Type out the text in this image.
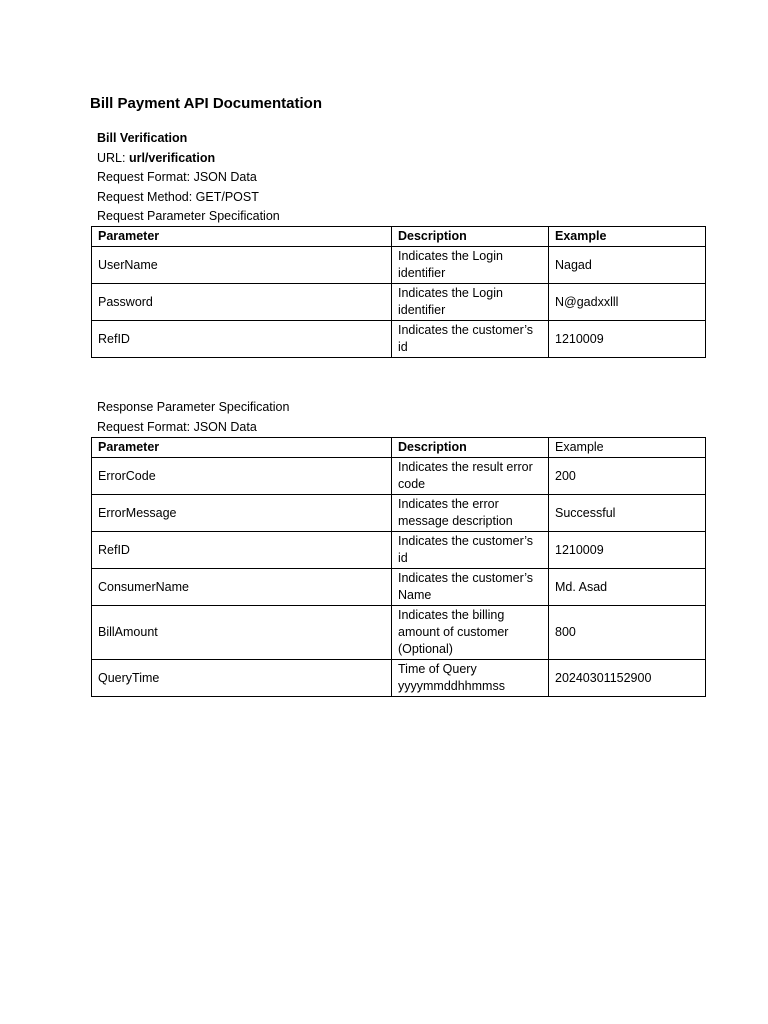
Bill Payment API Documentation
Bill Verification
URL: url/verification
Request Format: JSON Data
Request Method: GET/POST
Request Parameter Specification
Parameter	Description	Example
UserName	Indicates the Login identifier	Nagad
Password	Indicates the Login identifier	N@gadxxlll
RefID	Indicates the customer’s id	1210009
Response Parameter Specification
Request Format: JSON Data
Parameter	Description	Example
ErrorCode	Indicates the result error code	200
ErrorMessage	Indicates the error message description	Successful
RefID	Indicates the customer’s id	1210009
ConsumerName	Indicates the customer’s Name	Md. Asad
BillAmount	Indicates the billing amount of customer (Optional)	800
QueryTime	Time of Query yyyymmddhhmmss	20240301152900
